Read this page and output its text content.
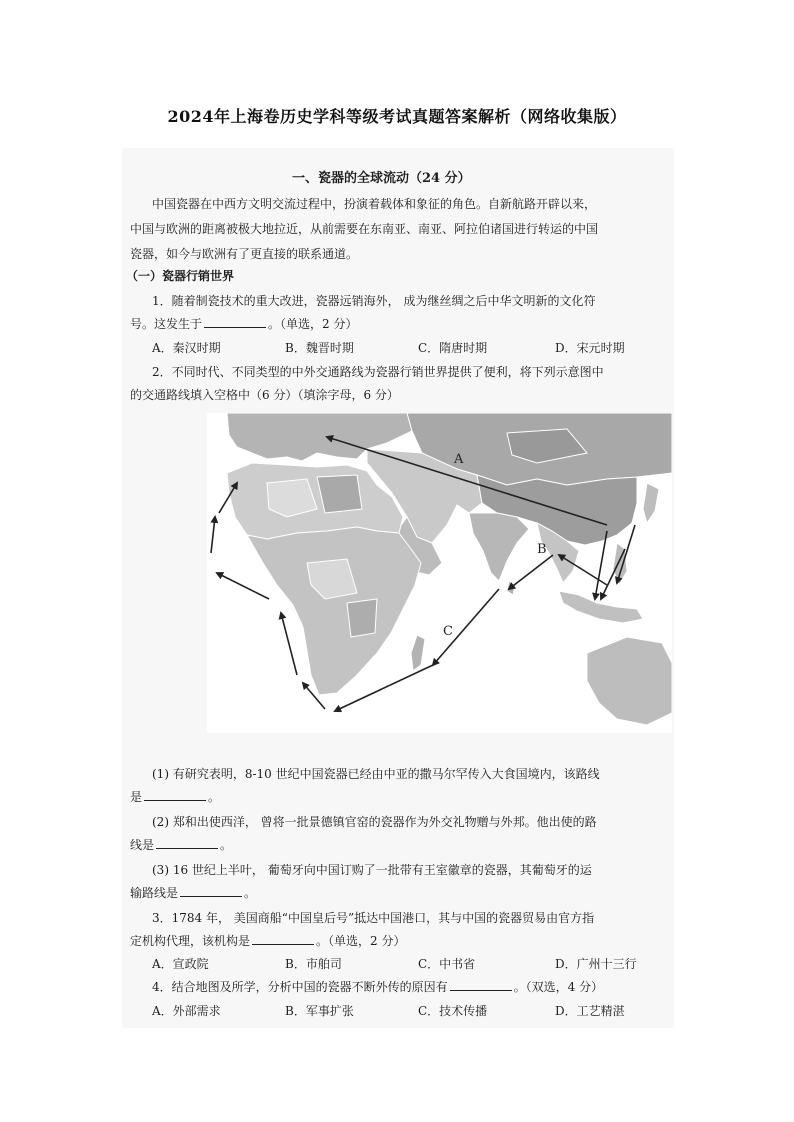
2024年上海卷历史学科等级考试真题答案解析（网络收集版）
一、瓷器的全球流动（24 分）
中国瓷器在中西方文明交流过程中，扮演着载体和象征的角色。自新航路开辟以来，
中国与欧洲的距离被极大地拉近，从前需要在东南亚、南亚、阿拉伯诸国进行转运的中国
瓷器，如今与欧洲有了更直接的联系通道。
（一）瓷器行销世界
1．随着制瓷技术的重大改进，瓷器远销海外， 成为继丝绸之后中华文明新的文化符
号。这发生于	。（单选，2 分）
A．秦汉时期	B．魏晋时期	C．隋唐时期	D．宋元时期
2．不同时代、不同类型的中外交通路线为瓷器行销世界提供了便利，将下列示意图中
的交通路线填入空格中（6 分）（填涂字母，6 分）
A
B
C
(1) 有研究表明，8-10 世纪中国瓷器已经由中亚的撒马尔罕传入大食国境内，该路线
是	。
(2) 郑和出使西洋， 曾将一批景德镇官窑的瓷器作为外交礼物赠与外邦。他出使的路
线是	。
(3) 16 世纪上半叶， 葡萄牙向中国订购了一批带有王室徽章的瓷器，其葡萄牙的运
输路线是	。
3．1784 年， 美国商船“中国皇后号”抵达中国港口，其与中国的瓷器贸易由官方指
定机构代理，该机构是	。（单选，2 分）
A．宣政院	B．市舶司	C．中书省	D．广州十三行
4．结合地图及所学，分析中国的瓷器不断外传的原因有	。（双选，4 分）
A．外部需求	B．军事扩张	C．技术传播	D．工艺精湛
